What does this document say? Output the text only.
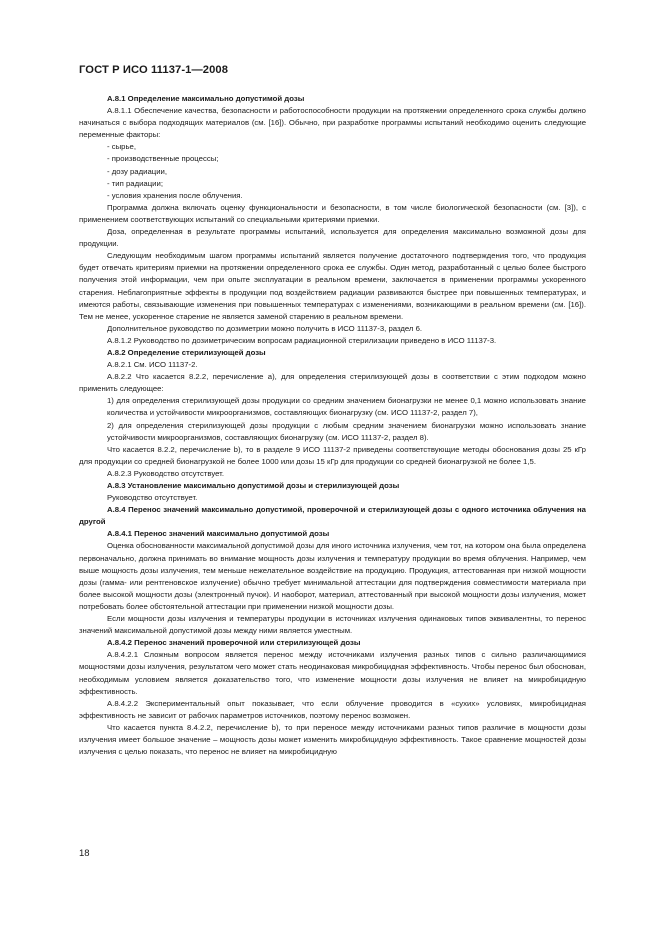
ГОСТ Р ИСО 11137-1—2008

A.8.1 Определение максимально допустимой дозы

A.8.1.1 Обеспечение качества, безопасности и работоспособности продукции на протяжении определенного срока службы должно начинаться с выбора подходящих материалов (см. [16]). Обычно, при разработке программы испытаний необходимо оценить следующие переменные факторы:

- сырье,

- производственные процессы;

- дозу радиации,

- тип радиации;

- условия хранения после облучения.

Программа должна включать оценку функциональности и безопасности, в том числе биологической безопасности (см. [3]), с применением соответствующих испытаний со специальными критериями приемки.

Доза, определенная в результате программы испытаний, используется для определения максимально возможной дозы для продукции.

Следующим необходимым шагом программы испытаний является получение достаточного подтверждения того, что продукция будет отвечать критериям приемки на протяжении определенного срока ее службы. Один метод, разработанный с целью более быстрого получения этой информации, чем при опыте эксплуатации в реальном времени, заключается в применении программы ускоренного старения. Неблагоприятные эффекты в продукции под воздействием радиации развиваются быстрее при повышенных температурах, и имеются работы, связывающие изменения при повышенных температурах с изменениями, возникающими в реальном времени (см. [16]). Тем не менее, ускоренное старение не является заменой старению в реальном времени.

Дополнительное руководство по дозиметрии можно получить в ИСО 11137-3, раздел 6.

A.8.1.2 Руководство по дозиметрическим вопросам радиационной стерилизации приведено в ИСО 11137-3.

A.8.2 Определение стерилизующей дозы

A.8.2.1 См. ИСО 11137-2.

A.8.2.2 Что касается 8.2.2, перечисление a), для определения стерилизующей дозы в соответствии с этим подходом можно применить следующее:

1) для определения стерилизующей дозы продукции со средним значением бионагрузки не менее 0,1 можно использовать знание количества и устойчивости микроорганизмов, составляющих бионагрузку (см. ИСО 11137-2, раздел 7),

2) для определения стерилизующей дозы продукции с любым средним значением бионагрузки можно использовать знание устойчивости микроорганизмов, составляющих бионагрузку (см. ИСО 11137-2, раздел 8).

Что касается 8.2.2, перечисление b), то в разделе 9 ИСО 11137-2 приведены соответствующие методы обоснования дозы 25 кГр для продукции со средней бионагрузкой не более 1000 или дозы 15 кГр для продукции со средней бионагрузкой не более 1,5.

A.8.2.3 Руководство отсутствует.

A.8.3 Установление максимально допустимой дозы и стерилизующей дозы

Руководство отсутствует.

A.8.4 Перенос значений максимально допустимой, проверочной и стерилизующей дозы с одного источника облучения на другой

A.8.4.1 Перенос значений максимально допустимой дозы

Оценка обоснованности максимальной допустимой дозы для иного источника излучения, чем тот, на котором она была определена первоначально, должна принимать во внимание мощность дозы излучения и температуру продукции во время облучения. Например, чем выше мощность дозы излучения, тем меньше нежелательное воздействие на продукцию. Продукция, аттестованная при низкой мощности дозы (гамма- или рентгеновское излучение) обычно требует минимальной аттестации для подтверждения совместимости материала при более высокой мощности дозы (электронный пучок). И наоборот, материал, аттестованный при высокой мощности дозы излучения, может потребовать более обстоятельной аттестации при применении низкой мощности дозы.

Если мощности дозы излучения и температуры продукции в источниках излучения одинаковых типов эквивалентны, то перенос значений максимальной допустимой дозы между ними является уместным.

A.8.4.2 Перенос значений проверочной или стерилизующей дозы

A.8.4.2.1 Сложным вопросом является перенос между источниками излучения разных типов с сильно различающимися мощностями дозы излучения, результатом чего может стать неодинаковая микробицидная эффективность. Чтобы перенос был обоснован, необходимым условием является доказательство того, что изменение мощности дозы излучения не влияет на микробицидную эффективность.

A.8.4.2.2 Экспериментальный опыт показывает, что если облучение проводится в «сухих» условиях, микробицидная эффективность не зависит от рабочих параметров источников, поэтому перенос возможен.

Что касается пункта 8.4.2.2, перечисление b), то при переносе между источниками разных типов различие в мощности дозы излучения имеет большое значение – мощность дозы может изменить микробицидную эффективность. Такое сравнение мощностей дозы излучения с целью показать, что перенос не влияет на микробицидную

18
